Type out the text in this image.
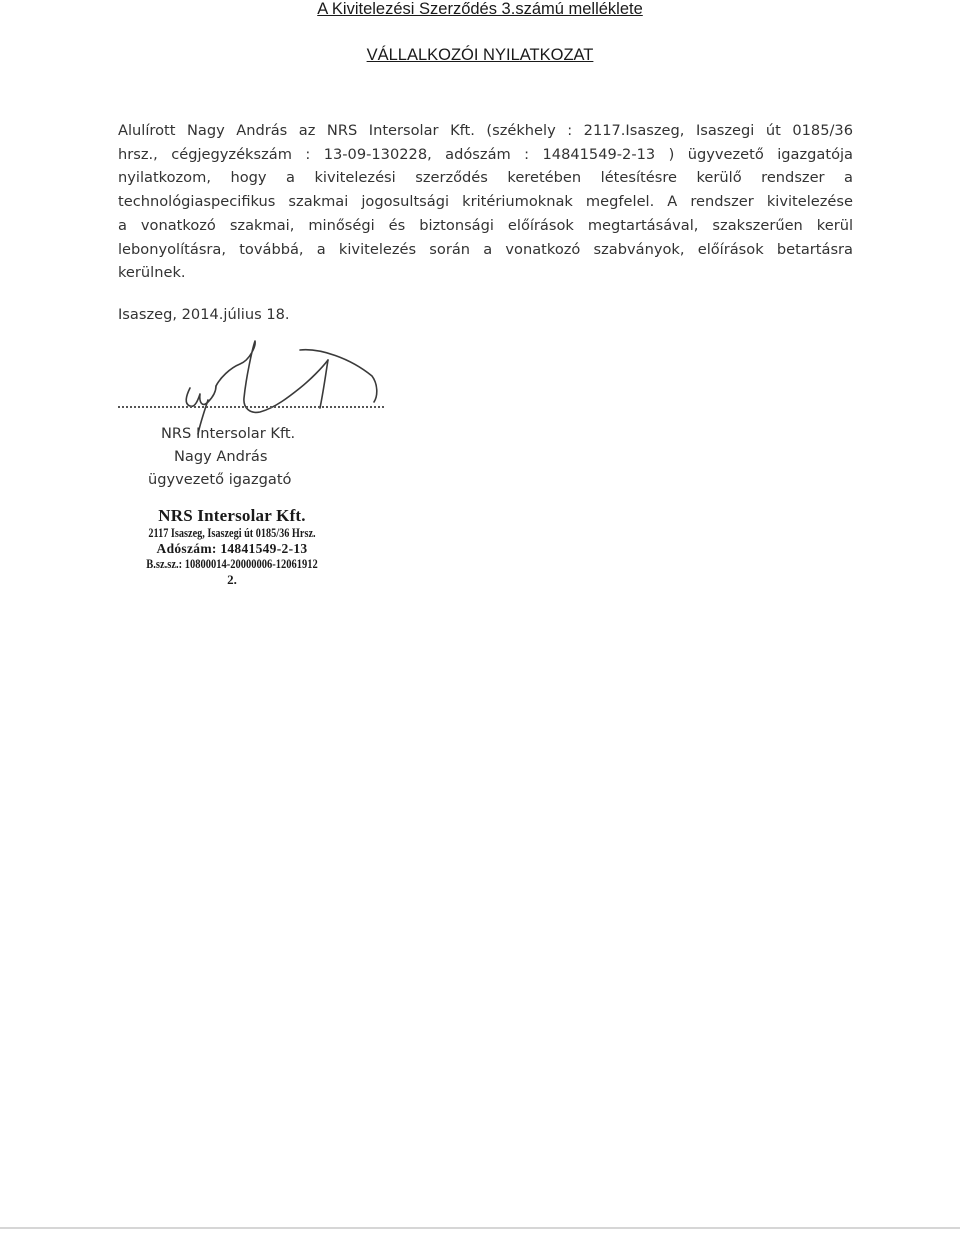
A Kivitelezési Szerződés 3.számú melléklete
VÁLLALKOZÓI NYILATKOZAT
Alulírott Nagy András az NRS Intersolar Kft. (székhely : 2117.Isaszeg, Isaszegi út 0185/36
hrsz., cégjegyzékszám : 13-09-130228, adószám : 14841549-2-13 ) ügyvezető igazgatója
nyilatkozom, hogy a kivitelezési szerződés keretében létesítésre kerülő rendszer a
technológiaspecifikus szakmai jogosultsági kritériumoknak megfelel. A rendszer kivitelezése
a vonatkozó szakmai, minőségi és biztonsági előírások megtartásával, szakszerűen kerül
lebonyolításra, továbbá, a kivitelezés során a vonatkozó szabványok, előírások betartásra
kerülnek.
Isaszeg, 2014.július 18.
NRS Intersolar Kft.
Nagy András
ügyvezető igazgató
NRS Intersolar Kft.
2117 Isaszeg, Isaszegi út 0185/36 Hrsz.
Adószám: 14841549-2-13
B.sz.sz.: 10800014-20000006-12061912
2.
